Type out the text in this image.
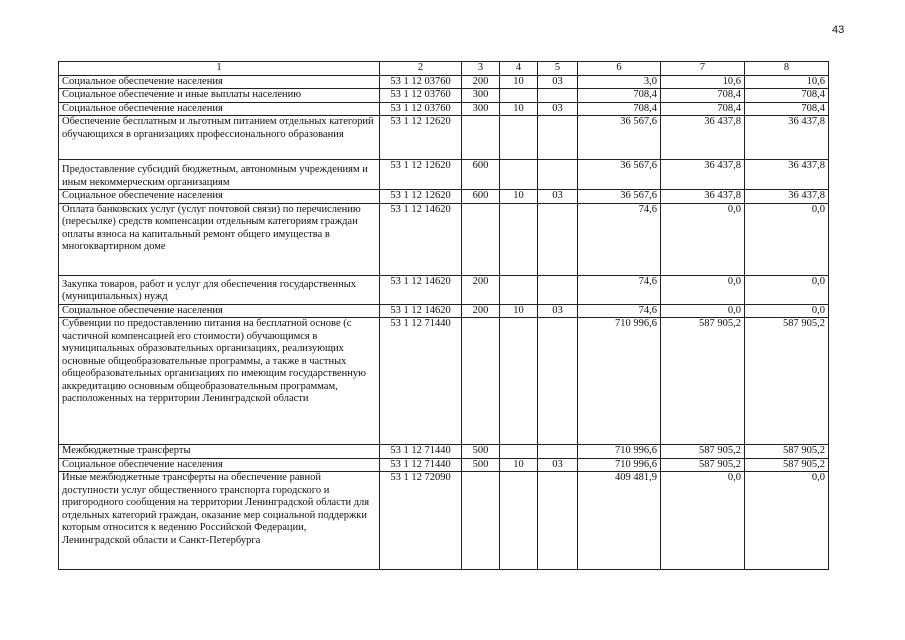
43
1	2	3	4	5	6	7	8
Социальное обеспечение населения	53 1 12 03760	200	10	03	3,0	10,6	10,6
Социальное обеспечение и иные выплаты населению	53 1 12 03760	300			708,4	708,4	708,4
Социальное обеспечение населения	53 1 12 03760	300	10	03	708,4	708,4	708,4
Обеспечение бесплатным и льготным питанием отдельных категорий обучающихся в организациях профессионального образования	53 1 12 12620				36 567,6	36 437,8	36 437,8
Предоставление субсидий бюджетным, автономным учреждениям и иным некоммерческим организациям	53 1 12 12620	600			36 567,6	36 437,8	36 437,8
Социальное обеспечение населения	53 1 12 12620	600	10	03	36 567,6	36 437,8	36 437,8
Оплата банковских услуг (услуг почтовой связи) по перечислению (пересылке) средств компенсации отдельным категориям граждан оплаты взноса на капитальный ремонт общего имущества в многоквартирном доме	53 1 12 14620				74,6	0,0	0,0
Закупка товаров, работ и услуг для обеспечения государственных (муниципальных) нужд	53 1 12 14620	200			74,6	0,0	0,0
Социальное обеспечение населения	53 1 12 14620	200	10	03	74,6	0,0	0,0
Субвенции по предоставлению питания на бесплатной основе (с частичной компенсацией его стоимости) обучающимся в муниципальных образовательных организациях, реализующих основные общеобразовательные программы, а также в частных общеобразовательных организациях по имеющим государственную аккредитацию основным общеобразовательным программам, расположенных на территории Ленинградской области	53 1 12 71440				710 996,6	587 905,2	587 905,2
Межбюджетные трансферты	53 1 12 71440	500			710 996,6	587 905,2	587 905,2
Социальное обеспечение населения	53 1 12 71440	500	10	03	710 996,6	587 905,2	587 905,2
Иные межбюджетные трансферты на обеспечение равной доступности услуг общественного транспорта городского и пригородного сообщения на территории Ленинградской области для отдельных категорий граждан, оказание мер социальной поддержки которым относится к ведению Российской Федерации, Ленинградской области и Санкт-Петербурга	53 1 12 72090				409 481,9	0,0	0,0
